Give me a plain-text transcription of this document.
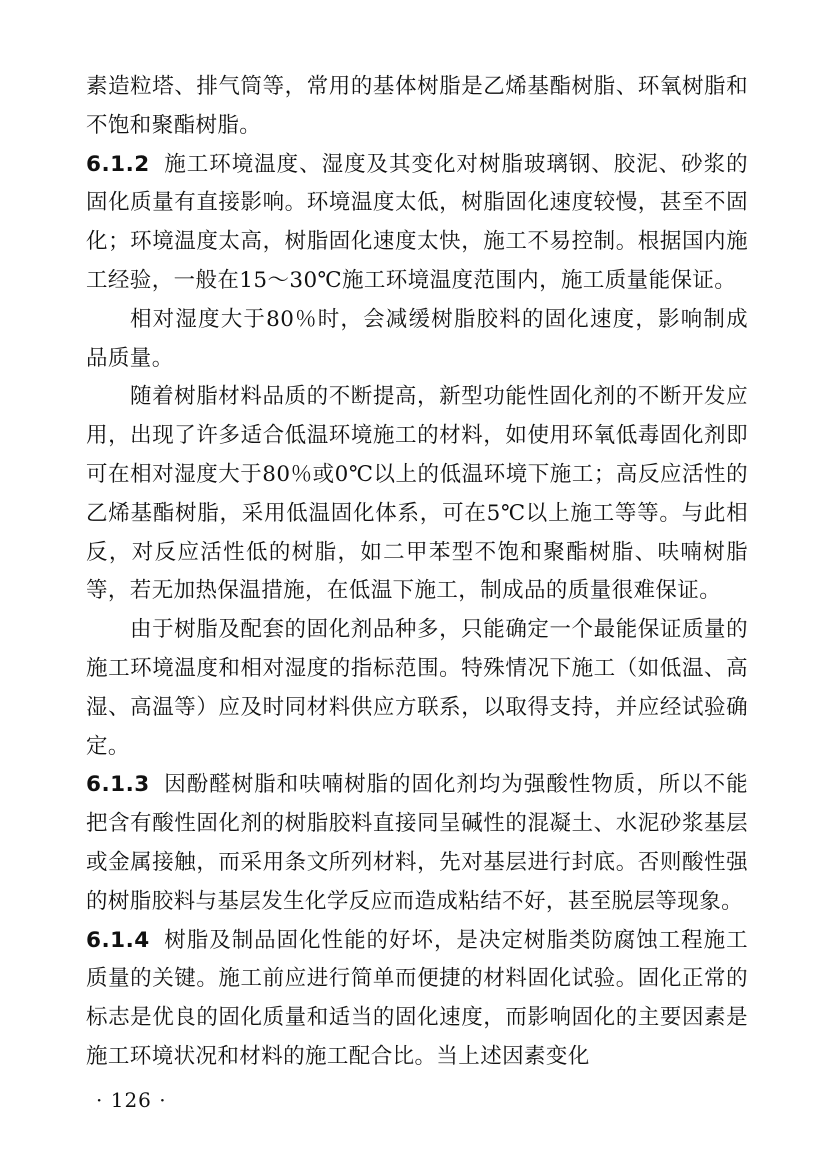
素造粒塔、排气筒等，常用的基体树脂是乙烯基酯树脂、环氧树脂和不饱和聚酯树脂。

6.1.2 施工环境温度、湿度及其变化对树脂玻璃钢、胶泥、砂浆的固化质量有直接影响。环境温度太低，树脂固化速度较慢，甚至不固化；环境温度太高，树脂固化速度太快，施工不易控制。根据国内施工经验，一般在15～30℃施工环境温度范围内，施工质量能保证。

相对湿度大于80％时，会减缓树脂胶料的固化速度，影响制成品质量。

随着树脂材料品质的不断提高，新型功能性固化剂的不断开发应用，出现了许多适合低温环境施工的材料，如使用环氧低毒固化剂即可在相对湿度大于80％或0℃以上的低温环境下施工；高反应活性的乙烯基酯树脂，采用低温固化体系，可在5℃以上施工等等。与此相反，对反应活性低的树脂，如二甲苯型不饱和聚酯树脂、呋喃树脂等，若无加热保温措施，在低温下施工，制成品的质量很难保证。

由于树脂及配套的固化剂品种多，只能确定一个最能保证质量的施工环境温度和相对湿度的指标范围。特殊情况下施工（如低温、高湿、高温等）应及时同材料供应方联系，以取得支持，并应经试验确定。

6.1.3 因酚醛树脂和呋喃树脂的固化剂均为强酸性物质，所以不能把含有酸性固化剂的树脂胶料直接同呈碱性的混凝土、水泥砂浆基层或金属接触，而采用条文所列材料，先对基层进行封底。否则酸性强的树脂胶料与基层发生化学反应而造成粘结不好，甚至脱层等现象。

6.1.4 树脂及制品固化性能的好坏，是决定树脂类防腐蚀工程施工质量的关键。施工前应进行简单而便捷的材料固化试验。固化正常的标志是优良的固化质量和适当的固化速度，而影响固化的主要因素是施工环境状况和材料的施工配合比。当上述因素变化

· 126 ·
